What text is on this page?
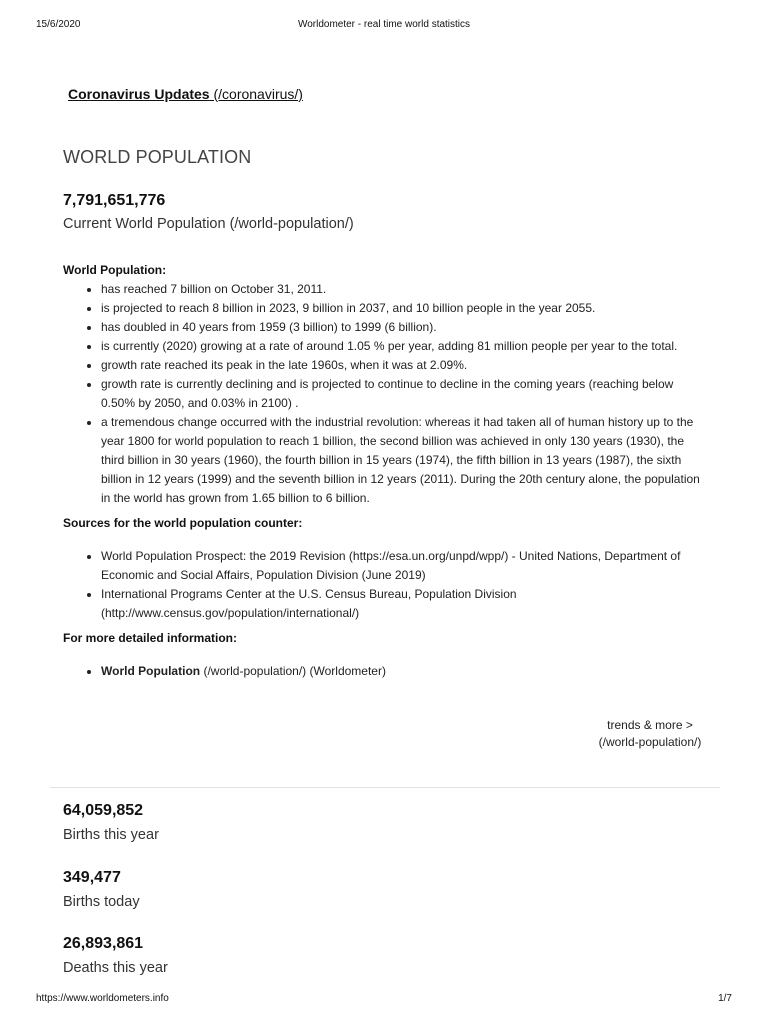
15/6/2020	Worldometer - real time world statistics
Coronavirus Updates (/coronavirus/)
WORLD POPULATION
7,791,651,776
Current World Population (/world-population/)
World Population:
• has reached 7 billion on October 31, 2011.
• is projected to reach 8 billion in 2023, 9 billion in 2037, and 10 billion people in the year 2055.
• has doubled in 40 years from 1959 (3 billion) to 1999 (6 billion).
• is currently (2020) growing at a rate of around 1.05 % per year, adding 81 million people per year to the total.
• growth rate reached its peak in the late 1960s, when it was at 2.09%.
• growth rate is currently declining and is projected to continue to decline in the coming years (reaching below 0.50% by 2050, and 0.03% in 2100) .
• a tremendous change occurred with the industrial revolution: whereas it had taken all of human history up to the year 1800 for world population to reach 1 billion, the second billion was achieved in only 130 years (1930), the third billion in 30 years (1960), the fourth billion in 15 years (1974), the fifth billion in 13 years (1987), the sixth billion in 12 years (1999) and the seventh billion in 12 years (2011). During the 20th century alone, the population in the world has grown from 1.65 billion to 6 billion.
Sources for the world population counter:
• World Population Prospect: the 2019 Revision (https://esa.un.org/unpd/wpp/) - United Nations, Department of Economic and Social Affairs, Population Division (June 2019)
• International Programs Center at the U.S. Census Bureau, Population Division (http://www.census.gov/population/international/)
For more detailed information:
• World Population (/world-population/) (Worldometer)
trends & more > (/world-population/)
64,059,852
Births this year
349,477
Births today
26,893,861
Deaths this year
https://www.worldometers.info	1/7
